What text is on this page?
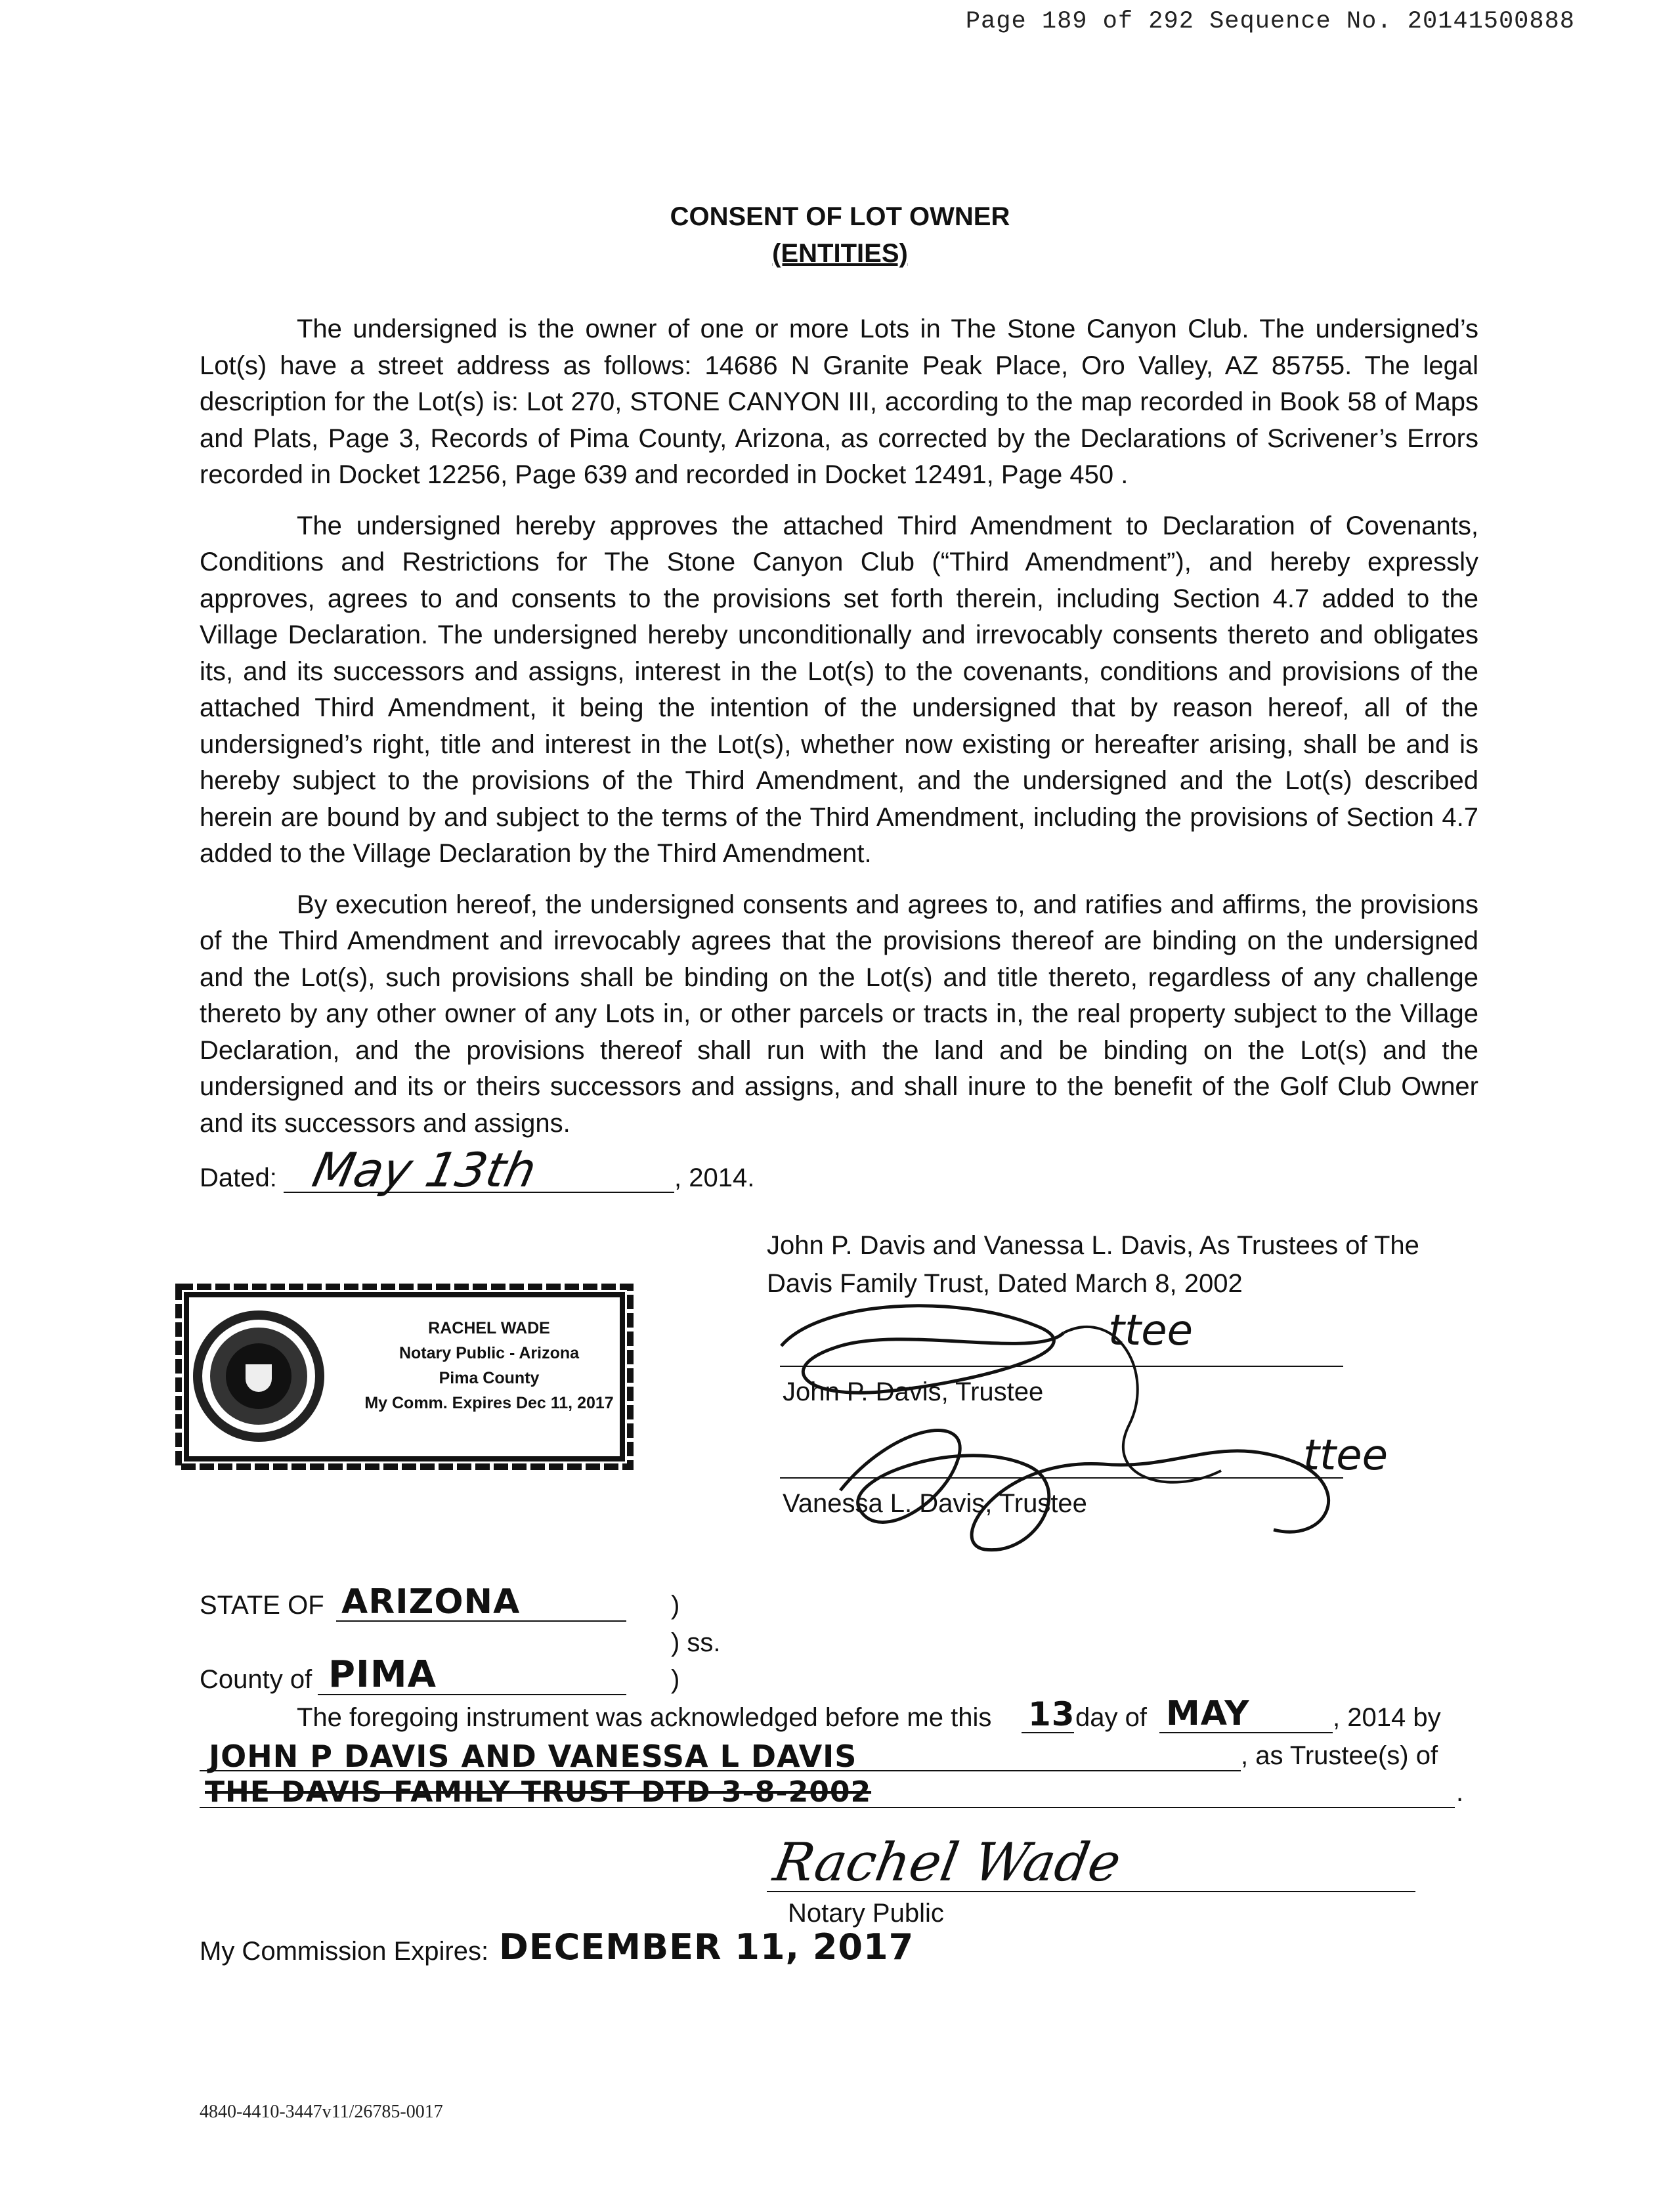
Page 189 of 292 Sequence No. 20141500888
CONSENT OF LOT OWNER
(ENTITIES)

The undersigned is the owner of one or more Lots in The Stone Canyon Club. The undersigned’s Lot(s) have a street address as follows: 14686 N Granite Peak Place, Oro Valley, AZ 85755. The legal description for the Lot(s) is: Lot 270, STONE CANYON III, according to the map recorded in Book 58 of Maps and Plats, Page 3, Records of Pima County, Arizona, as corrected by the Declarations of Scrivener’s Errors recorded in Docket 12256, Page 639 and recorded in Docket 12491, Page 450 .

The undersigned hereby approves the attached Third Amendment to Declaration of Covenants, Conditions and Restrictions for The Stone Canyon Club (“Third Amendment”), and hereby expressly approves, agrees to and consents to the provisions set forth therein, including Section 4.7 added to the Village Declaration. The undersigned hereby unconditionally and irrevocably consents thereto and obligates its, and its successors and assigns, interest in the Lot(s) to the covenants, conditions and provisions of the attached Third Amendment, it being the intention of the undersigned that by reason hereof, all of the undersigned’s right, title and interest in the Lot(s), whether now existing or hereafter arising, shall be and is hereby subject to the provisions of the Third Amendment, and the undersigned and the Lot(s) described herein are bound by and subject to the terms of the Third Amendment, including the provisions of Section 4.7 added to the Village Declaration by the Third Amendment.

By execution hereof, the undersigned consents and agrees to, and ratifies and affirms, the provisions of the Third Amendment and irrevocably agrees that the provisions thereof are binding on the undersigned and the Lot(s), such provisions shall be binding on the Lot(s) and title thereto, regardless of any challenge thereto by any other owner of any Lots in, or other parcels or tracts in, the real property subject to the Village Declaration, and the provisions thereof shall run with the land and be binding on the Lot(s) and the undersigned and its or theirs successors and assigns, and shall inure to the benefit of the Golf Club Owner and its successors and assigns.

Dated: May 13th	, 2014.
RACHEL WADE
Notary Public - Arizona
Pima County
My Comm. Expires Dec 11, 2017
John P. Davis and Vanessa L. Davis, As Trustees of The
Davis Family Trust, Dated March 8, 2002
ttee
John P. Davis, Trustee
ttee
Vanessa L. Davis, Trustee
STATE OF ARIZONA	)
) ss.
County of PIMA	)
The foregoing instrument was acknowledged before me this 13 day of MAY	, 2014 by
JOHN P DAVIS AND VANESSA L DAVIS	, as Trustee(s) of
THE DAVIS FAMILY TRUST DTD 3-8-2002	.
Rachel Wade
Notary Public
My Commission Expires: DECEMBER 11, 2017
4840-4410-3447v11/26785-0017
